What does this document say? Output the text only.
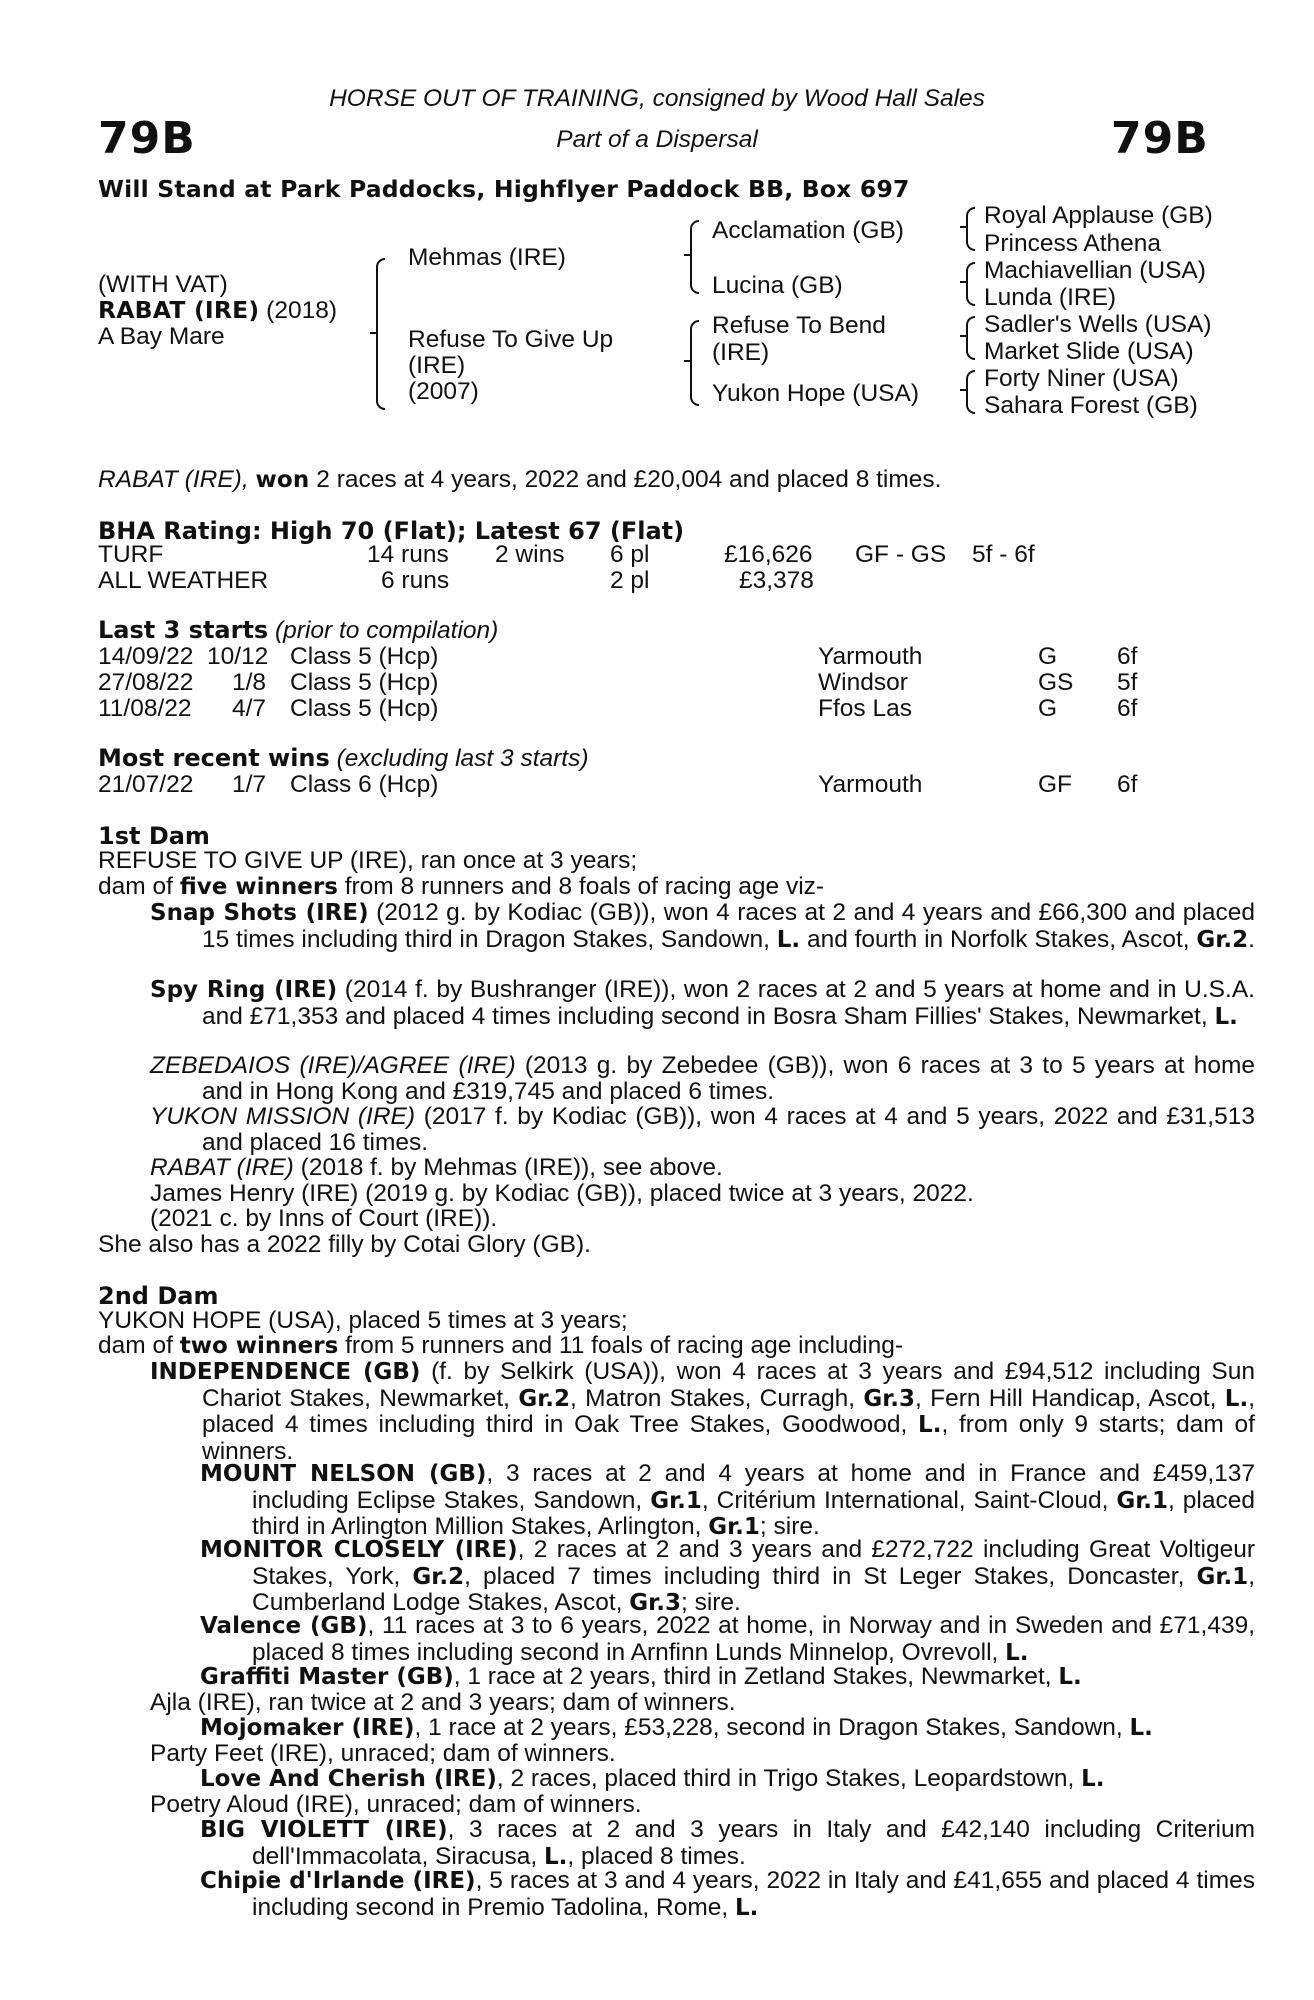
79B	79B
HORSE OUT OF TRAINING, consigned by Wood Hall Sales
Part of a Dispersal
Will Stand at Park Paddocks, Highflyer Paddock BB, Box 697
(WITH VAT)
RABAT (IRE) (2018)
A Bay Mare
Mehmas (IRE)
Refuse To Give Up
(IRE)
(2007)
Acclamation (GB)
Lucina (GB)
Refuse To Bend
(IRE)
Yukon Hope (USA)
Royal Applause (GB)
Princess Athena
Machiavellian (USA)
Lunda (IRE)
Sadler's Wells (USA)
Market Slide (USA)
Forty Niner (USA)
Sahara Forest (GB)
RABAT (IRE), won 2 races at 4 years, 2022 and £20,004 and placed 8 times.
BHA Rating: High 70 (Flat); Latest 67 (Flat)
TURF	14 runs 2 wins 6 pl	£16,626 GF - GS 5f - 6f
ALL WEATHER	6 runs	2 pl	£3,378
Last 3 starts (prior to compilation)
14/09/22 10/12 Class 5 (Hcp)	Yarmouth	G 6f
27/08/22 1/8 Class 5 (Hcp)	Windsor	GS 5f
11/08/22 4/7 Class 5 (Hcp)	Ffos Las	G 6f
Most recent wins (excluding last 3 starts)
21/07/22 1/7 Class 6 (Hcp)	Yarmouth	GF 6f
1st Dam
REFUSE TO GIVE UP (IRE), ran once at 3 years;
dam of five winners from 8 runners and 8 foals of racing age viz-
Snap Shots (IRE) (2012 g. by Kodiac (GB)), won 4 races at 2 and 4 years and £66,300 and placed 15 times including third in Dragon Stakes, Sandown, L. and fourth in Norfolk Stakes, Ascot, Gr.2.
Spy Ring (IRE) (2014 f. by Bushranger (IRE)), won 2 races at 2 and 5 years at home and in U.S.A. and £71,353 and placed 4 times including second in Bosra Sham Fillies' Stakes, Newmarket, L.
ZEBEDAIOS (IRE)/AGREE (IRE) (2013 g. by Zebedee (GB)), won 6 races at 3 to 5 years at home and in Hong Kong and £319,745 and placed 6 times.
YUKON MISSION (IRE) (2017 f. by Kodiac (GB)), won 4 races at 4 and 5 years, 2022 and £31,513 and placed 16 times.
RABAT (IRE) (2018 f. by Mehmas (IRE)), see above.
James Henry (IRE) (2019 g. by Kodiac (GB)), placed twice at 3 years, 2022.
(2021 c. by Inns of Court (IRE)).
She also has a 2022 filly by Cotai Glory (GB).
2nd Dam
YUKON HOPE (USA), placed 5 times at 3 years;
dam of two winners from 5 runners and 11 foals of racing age including-
INDEPENDENCE (GB) (f. by Selkirk (USA)), won 4 races at 3 years and £94,512 including Sun Chariot Stakes, Newmarket, Gr.2, Matron Stakes, Curragh, Gr.3, Fern Hill Handicap, Ascot, L., placed 4 times including third in Oak Tree Stakes, Goodwood, L., from only 9 starts; dam of winners.
MOUNT NELSON (GB), 3 races at 2 and 4 years at home and in France and £459,137 including Eclipse Stakes, Sandown, Gr.1, Critérium International, Saint-Cloud, Gr.1, placed third in Arlington Million Stakes, Arlington, Gr.1; sire.
MONITOR CLOSELY (IRE), 2 races at 2 and 3 years and £272,722 including Great Voltigeur Stakes, York, Gr.2, placed 7 times including third in St Leger Stakes, Doncaster, Gr.1, Cumberland Lodge Stakes, Ascot, Gr.3; sire.
Valence (GB), 11 races at 3 to 6 years, 2022 at home, in Norway and in Sweden and £71,439, placed 8 times including second in Arnfinn Lunds Minnelop, Ovrevoll, L.
Graffiti Master (GB), 1 race at 2 years, third in Zetland Stakes, Newmarket, L.
Ajla (IRE), ran twice at 2 and 3 years; dam of winners.
Mojomaker (IRE), 1 race at 2 years, £53,228, second in Dragon Stakes, Sandown, L.
Party Feet (IRE), unraced; dam of winners.
Love And Cherish (IRE), 2 races, placed third in Trigo Stakes, Leopardstown, L.
Poetry Aloud (IRE), unraced; dam of winners.
BIG VIOLETT (IRE), 3 races at 2 and 3 years in Italy and £42,140 including Criterium dell'Immacolata, Siracusa, L., placed 8 times.
Chipie d'Irlande (IRE), 5 races at 3 and 4 years, 2022 in Italy and £41,655 and placed 4 times including second in Premio Tadolina, Rome, L.
